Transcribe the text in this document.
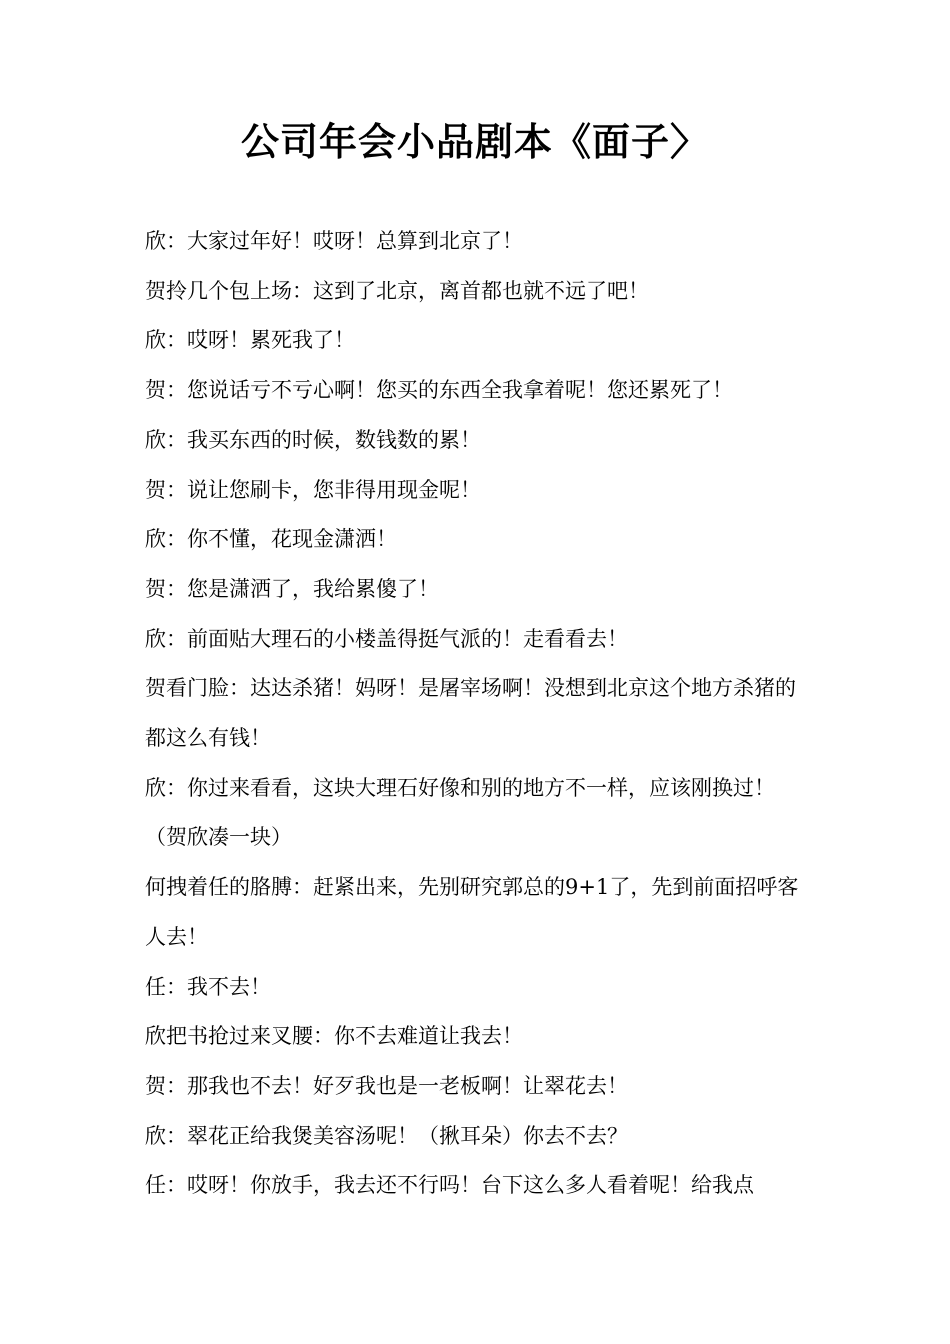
公司年会小品剧本《面子〉

欣：大家过年好！哎呀！总算到北京了！

贺拎几个包上场：这到了北京，离首都也就不远了吧！

欣：哎呀！累死我了！

贺：您说话亏不亏心啊！您买的东西全我拿着呢！您还累死了！

欣：我买东西的时候，数钱数的累！

贺：说让您刷卡，您非得用现金呢！

欣：你不懂，花现金潇洒！

贺：您是潇洒了，我给累傻了！

欣：前面贴大理石的小楼盖得挺气派的！走看看去！

贺看门脸：达达杀猪！妈呀！是屠宰场啊！没想到北京这个地方杀猪的都这么有钱！

欣：你过来看看，这块大理石好像和别的地方不一样，应该刚换过！（贺欣凑一块）

何拽着任的胳膊：赶紧出来，先别研究郭总的9+1了，先到前面招呼客人去！

任：我不去！

欣把书抢过来叉腰：你不去难道让我去！

贺：那我也不去！好歹我也是一老板啊！让翠花去！

欣：翠花正给我煲美容汤呢！（揪耳朵）你去不去？

任：哎呀！你放手，我去还不行吗！台下这么多人看着呢！给我点
